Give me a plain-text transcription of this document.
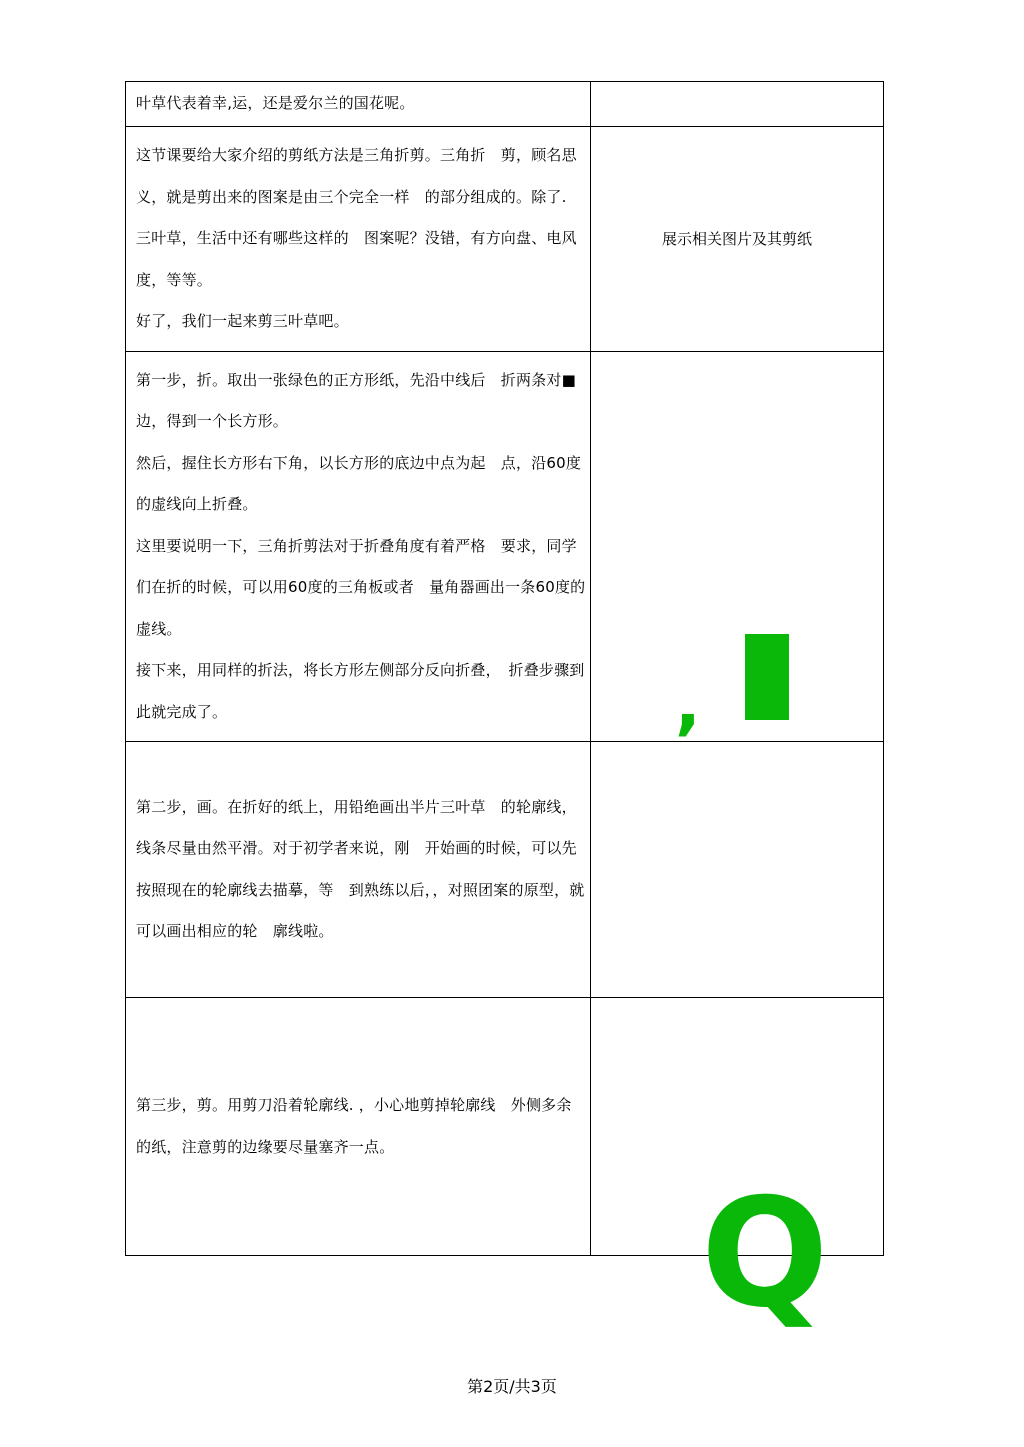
叶草代表着幸,运，还是爱尔兰的国花呢。	

这节课要给大家介绍的剪纸方法是三角折剪。三角折　剪，顾名思义，就是剪出来的图案是由三个完全一样　的部分组成的。除了. 三叶草，生活中还有哪些这样的　图案呢？没错，有方向盘、电风度，等等。

好了，我们一起来剪三叶草吧。	展示相关图片及其剪纸

第一步，折。取出一张绿色的正方形纸，先沿中线后　折两条对■边，得到一个长方形。

然后，握住长方形右下角，以长方形的底边中点为起　点，沿60度的虚线向上折叠。

这里要说明一下，三角折剪法对于折叠角度有着严格　要求，同学们在折的时候，可以用60度的三角板或者　量角器画出一条60度的虚线。

接下来，用同样的折法，将长方形左侧部分反向折叠，　折叠步骤到此就完成了。	,

第二步，画。在折好的纸上，用铅绝画出半片三叶草　的轮廓线，线条尽量由然平滑。对于初学者来说，刚　开始画的时候，可以先按照现在的轮廓线去描摹，等　到熟练以后，，对照团案的原型，就可以画出相应的轮　廓线啦。	

第三步，剪。用剪刀沿着轮廓线. ，小心地剪掉轮廓线　外侧多余的纸，注意剪的边缘要尽量塞齐一点。	Q
第2页/共3页
